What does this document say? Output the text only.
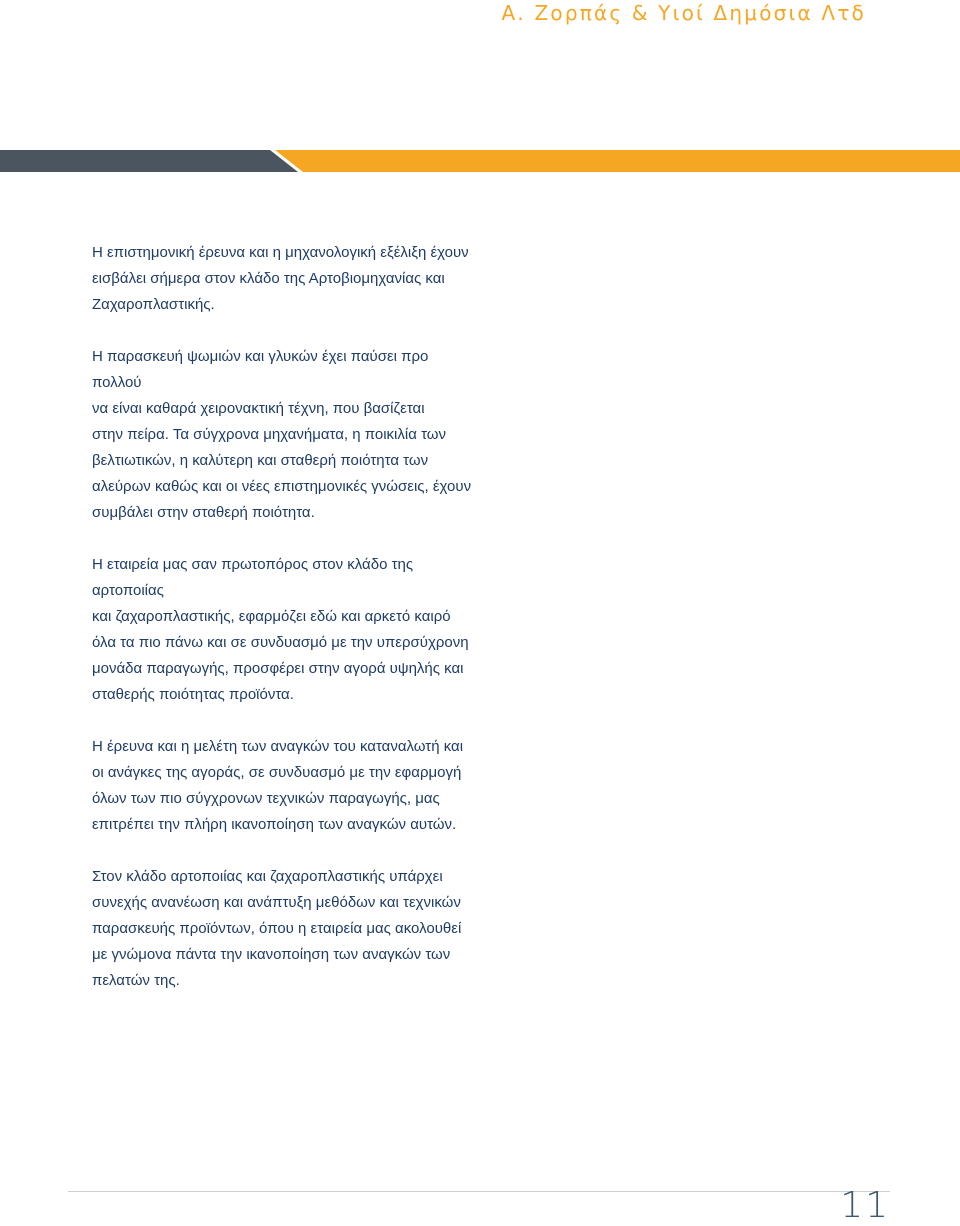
Α. Ζορπάς & Υιοί Δημόσια Λτδ

Η επιστημονική έρευνα και η μηχανολογική εξέλιξη έχουν
εισβάλει σήμερα στον κλάδο της Αρτοβιομηχανίας και
Ζαχαροπλαστικής.

Η παρασκευή ψωμιών και γλυκών έχει παύσει προ πολλού
να είναι καθαρά χειρονακτική τέχνη, που βασίζεται
στην πείρα. Τα σύγχρονα μηχανήματα, η ποικιλία των
βελτιωτικών, η καλύτερη και σταθερή ποιότητα των
αλεύρων καθώς και οι νέες επιστημονικές γνώσεις, έχουν
συμβάλει στην σταθερή ποιότητα.

Η εταιρεία μας σαν πρωτοπόρος στον κλάδο της αρτοποιίας
και ζαχαροπλαστικής, εφαρμόζει εδώ και αρκετό καιρό
όλα τα πιο πάνω και σε συνδυασμό με την υπερσύχρονη
μονάδα παραγωγής, προσφέρει στην αγορά υψηλής και
σταθερής ποιότητας προϊόντα.

Η έρευνα και η μελέτη των αναγκών του καταναλωτή και
οι ανάγκες της αγοράς, σε συνδυασμό με την εφαρμογή
όλων των πιο σύγχρονων τεχνικών παραγωγής, μας
επιτρέπει την πλήρη ικανοποίηση των αναγκών αυτών.

Στον κλάδο αρτοποιίας και ζαχαροπλαστικής υπάρχει
συνεχής ανανέωση και ανάπτυξη μεθόδων και τεχνικών
παρασκευής προϊόντων, όπου η εταιρεία μας ακολουθεί
με γνώμονα πάντα την ικανοποίηση των αναγκών των
πελατών της.

11
